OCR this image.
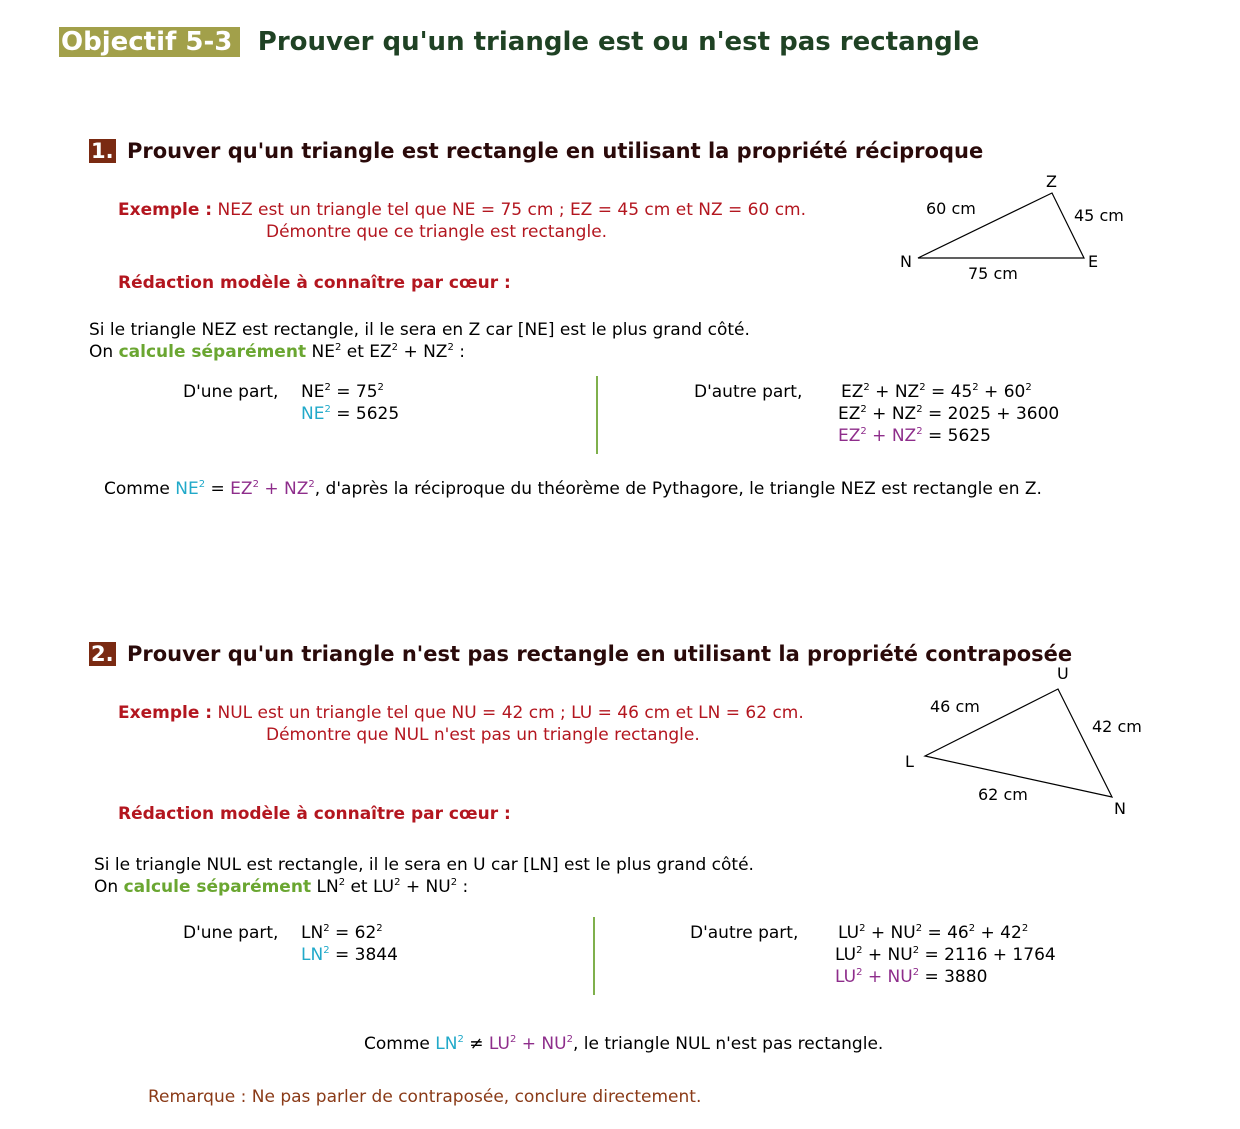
Objectif 5-3 Prouver qu'un triangle est ou n'est pas rectangle
1. Prouver qu'un triangle est rectangle en utilisant la propriété réciproque
Exemple : NEZ est un triangle tel que NE = 75 cm ; EZ = 45 cm et NZ = 60 cm.
Démontre que ce triangle est rectangle.
Rédaction modèle à connaître par cœur :
Si le triangle NEZ est rectangle, il le sera en Z car [NE] est le plus grand côté.
On calcule séparément $NE^2$ et $EZ^2 + NZ^2$ :
D'une part, $NE^2 = 75^2$
$NE^2 = 5625$
D'autre part, $EZ^2 + NZ^2 = 45^2 + 60^2$
$EZ^2 + NZ^2 = 2025 + 3600$
$EZ^2 + NZ^2 = 5625$
Comme $NE^2 = EZ^2 + NZ^2$, d'après la réciproque du théorème de Pythagore, le triangle NEZ est rectangle en Z.
N	E
Z
75 cm
60 cm	45 cm
2. Prouver qu'un triangle n'est pas rectangle en utilisant la propriété contraposée
Exemple : NUL est un triangle tel que NU = 42 cm ; LU = 46 cm et LN = 62 cm.
Démontre que NUL n'est pas un triangle rectangle.
Rédaction modèle à connaître par cœur :
Si le triangle NUL est rectangle, il le sera en U car [LN] est le plus grand côté.
On calcule séparément $LN^2$ et $LU^2 + NU^2$ :
D'une part, $LN^2 = 62^2$
$LN^2 = 3844$
D'autre part, $LU^2 + NU^2 = 46^2 + 42^2$
$LU^2 + NU^2 = 2116 + 1764$
$LU^2 + NU^2 = 3880$
Comme $LN^2 \ne LU^2 + NU^2$, le triangle NUL n'est pas rectangle.
L
N
U
62 cm
46 cm
42 cm
Remarque : Ne pas parler de contraposée, conclure directement.
